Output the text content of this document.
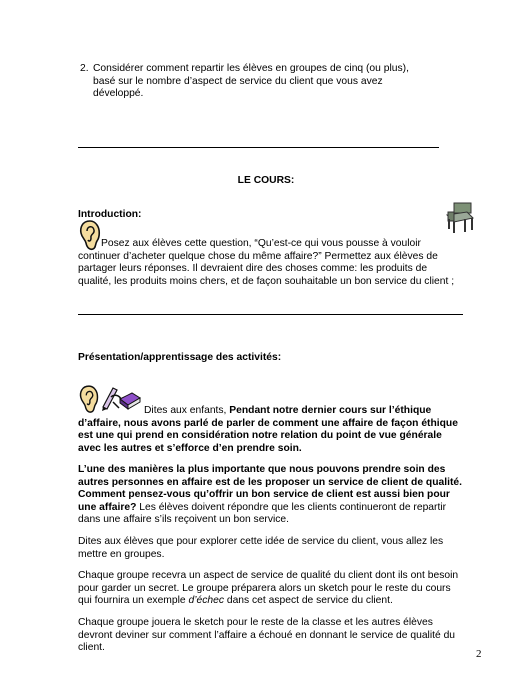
2. Considérer comment repartir les élèves en groupes de cinq (ou plus), basé sur le nombre d’aspect de service du client que vous avez développé.

LE COURS:
Introduction:

Posez aux élèves cette question, “Qu’est-ce qui vous pousse à vouloir continuer d’acheter quelque chose du même affaire?” Permettez aux élèves de partager leurs réponses. Il devraient dire des choses comme: les produits de qualité, les produits moins chers, et de façon souhaitable un bon service du client ;

Présentation/apprentissage des activités:

Dites aux enfants, Pendant notre dernier cours sur l’éthique d’affaire, nous avons parlé de parler de comment une affaire de façon éthique est une qui prend en considération notre relation du point de vue générale avec les autres et s’efforce d’en prendre soin.

L’une des manières la plus importante que nous pouvons prendre soin des autres personnes en affaire est de les proposer un service de client de qualité. Comment pensez-vous qu’offrir un bon service de client est aussi bien pour une affaire? Les élèves doivent répondre que les clients continueront de repartir dans une affaire s’ils reçoivent un bon service.

Dites aux élèves que pour explorer cette idée de service du client, vous allez les mettre en groupes.

Chaque groupe recevra un aspect de service de qualité du client dont ils ont besoin pour garder un secret. Le groupe préparera alors un sketch pour le reste du cours qui fournira un exemple d’échec dans cet aspect de service du client.

Chaque groupe jouera le sketch pour le reste de la classe et les autres élèves devront deviner sur comment l’affaire a échoué en donnant le service de qualité du client.

2
